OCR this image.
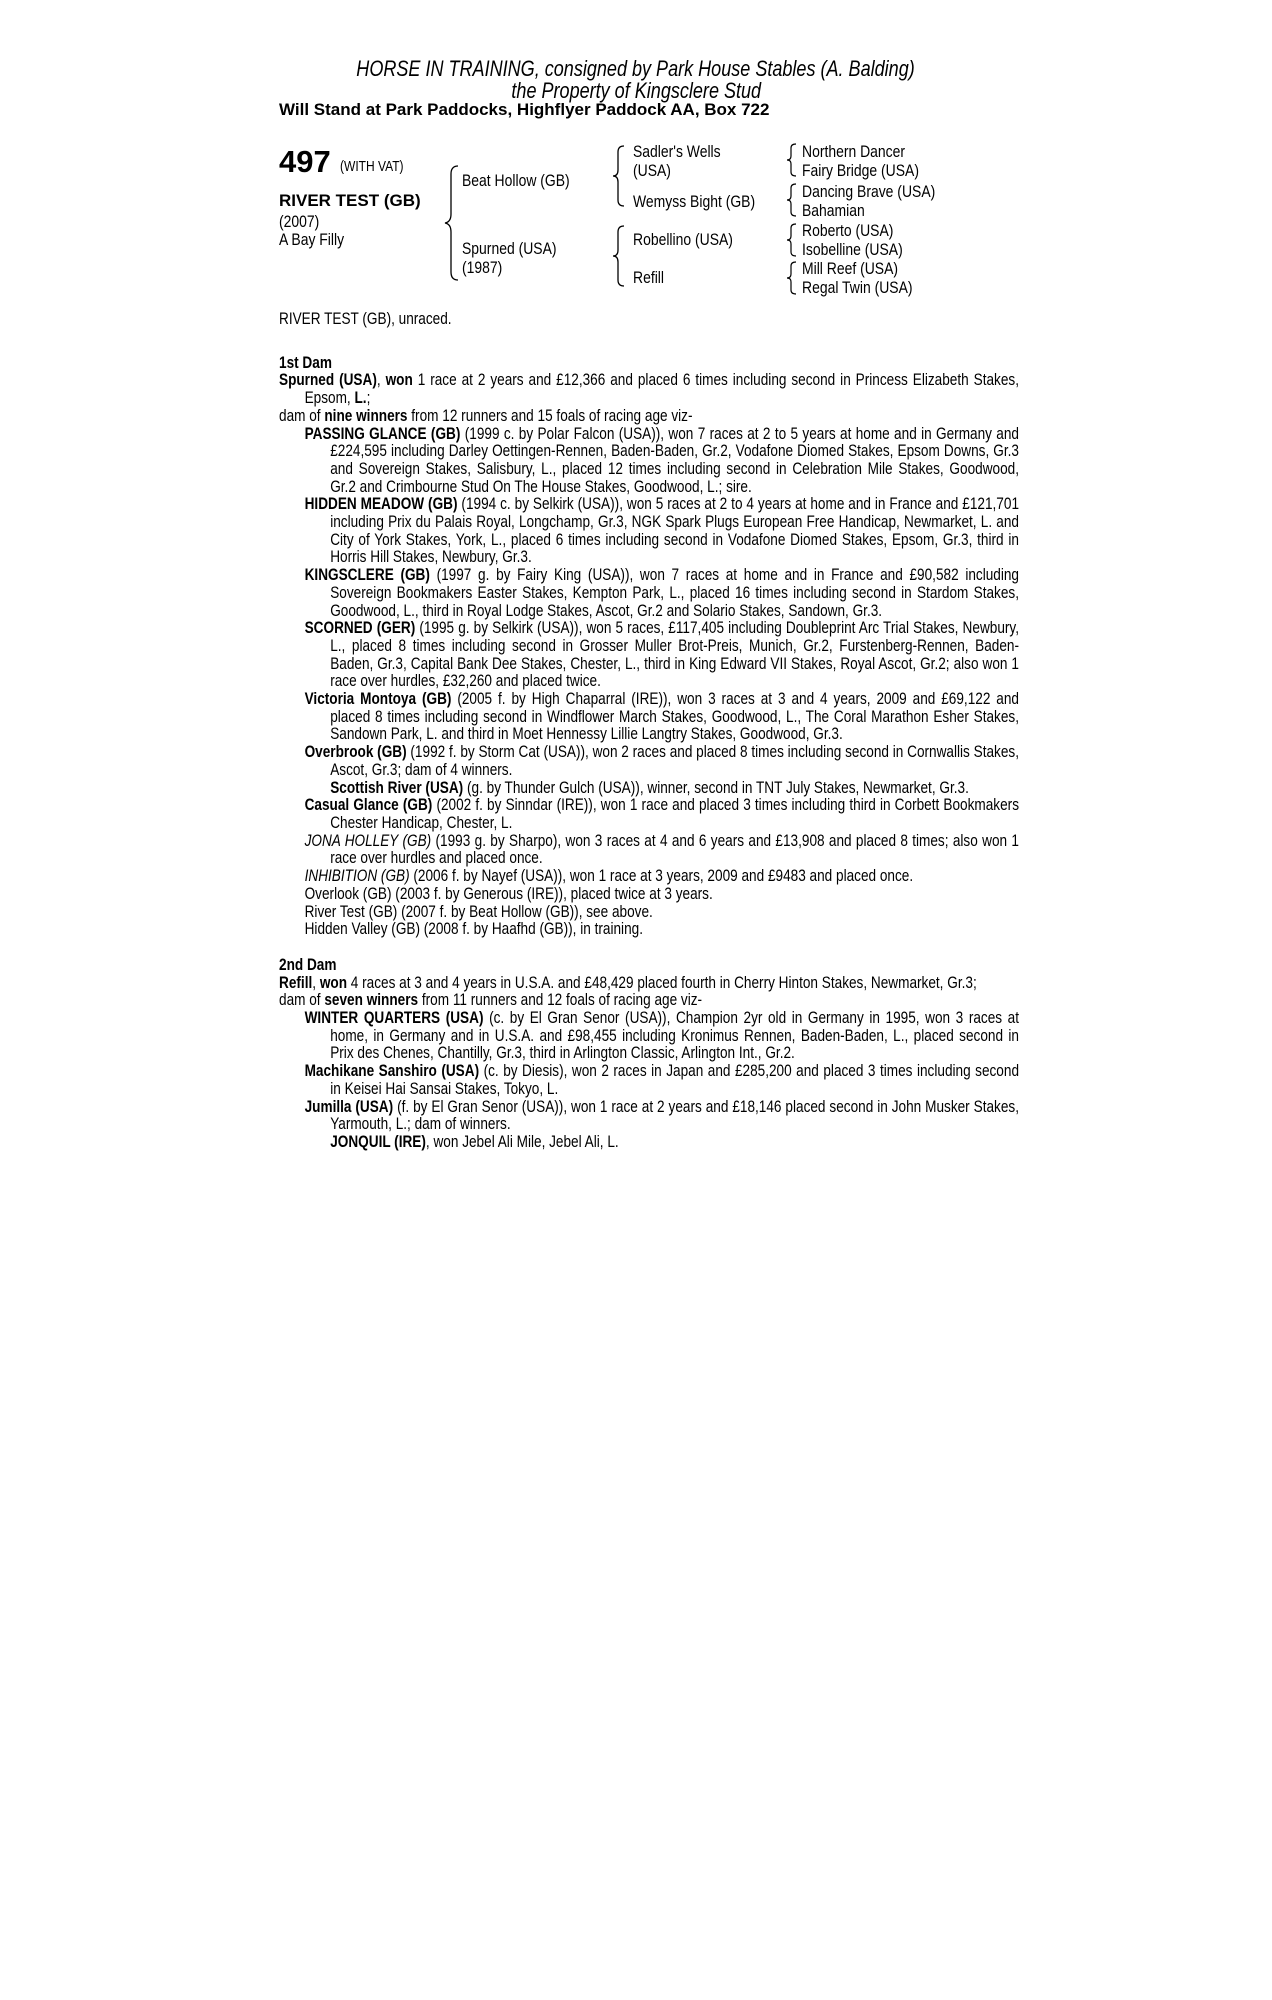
HORSE IN TRAINING, consigned by Park House Stables (A. Balding)
the Property of Kingsclere Stud
Will Stand at Park Paddocks, Highflyer Paddock AA, Box 722
497 (WITH VAT)
RIVER TEST (GB)
(2007)
A Bay Filly
Beat Hollow (GB)
Spurned (USA)
(1987)
Sadler's Wells
(USA)
Wemyss Bight (GB)
Robellino (USA)
Refill
Northern Dancer
Fairy Bridge (USA)
Dancing Brave (USA)
Bahamian
Roberto (USA)
Isobelline (USA)
Mill Reef (USA)
Regal Twin (USA)

RIVER TEST (GB), unraced.

1st Dam

Spurned (USA), won 1 race at 2 years and £12,366 and placed 6 times including second in Princess Elizabeth Stakes, Epsom, L.;

dam of nine winners from 12 runners and 15 foals of racing age viz-

PASSING GLANCE (GB) (1999 c. by Polar Falcon (USA)), won 7 races at 2 to 5 years at home and in Germany and £224,595 including Darley Oettingen-Rennen, Baden-Baden, Gr.2, Vodafone Diomed Stakes, Epsom Downs, Gr.3 and Sovereign Stakes, Salisbury, L., placed 12 times including second in Celebration Mile Stakes, Goodwood, Gr.2 and Crimbourne Stud On The House Stakes, Goodwood, L.; sire.

HIDDEN MEADOW (GB) (1994 c. by Selkirk (USA)), won 5 races at 2 to 4 years at home and in France and £121,701 including Prix du Palais Royal, Longchamp, Gr.3, NGK Spark Plugs European Free Handicap, Newmarket, L. and City of York Stakes, York, L., placed 6 times including second in Vodafone Diomed Stakes, Epsom, Gr.3, third in Horris Hill Stakes, Newbury, Gr.3.

KINGSCLERE (GB) (1997 g. by Fairy King (USA)), won 7 races at home and in France and £90,582 including Sovereign Bookmakers Easter Stakes, Kempton Park, L., placed 16 times including second in Stardom Stakes, Goodwood, L., third in Royal Lodge Stakes, Ascot, Gr.2 and Solario Stakes, Sandown, Gr.3.

SCORNED (GER) (1995 g. by Selkirk (USA)), won 5 races, £117,405 including Doubleprint Arc Trial Stakes, Newbury, L., placed 8 times including second in Grosser Muller Brot-Preis, Munich, Gr.2, Furstenberg-Rennen, Baden-Baden, Gr.3, Capital Bank Dee Stakes, Chester, L., third in King Edward VII Stakes, Royal Ascot, Gr.2; also won 1 race over hurdles, £32,260 and placed twice.

Victoria Montoya (GB) (2005 f. by High Chaparral (IRE)), won 3 races at 3 and 4 years, 2009 and £69,122 and placed 8 times including second in Windflower March Stakes, Goodwood, L., The Coral Marathon Esher Stakes, Sandown Park, L. and third in Moet Hennessy Lillie Langtry Stakes, Goodwood, Gr.3.

Overbrook (GB) (1992 f. by Storm Cat (USA)), won 2 races and placed 8 times including second in Cornwallis Stakes, Ascot, Gr.3; dam of 4 winners.

Scottish River (USA) (g. by Thunder Gulch (USA)), winner, second in TNT July Stakes, Newmarket, Gr.3.

Casual Glance (GB) (2002 f. by Sinndar (IRE)), won 1 race and placed 3 times including third in Corbett Bookmakers Chester Handicap, Chester, L.

JONA HOLLEY (GB) (1993 g. by Sharpo), won 3 races at 4 and 6 years and £13,908 and placed 8 times; also won 1 race over hurdles and placed once.

INHIBITION (GB) (2006 f. by Nayef (USA)), won 1 race at 3 years, 2009 and £9483 and placed once.

Overlook (GB) (2003 f. by Generous (IRE)), placed twice at 3 years.

River Test (GB) (2007 f. by Beat Hollow (GB)), see above.

Hidden Valley (GB) (2008 f. by Haafhd (GB)), in training.

2nd Dam

Refill, won 4 races at 3 and 4 years in U.S.A. and £48,429 placed fourth in Cherry Hinton Stakes, Newmarket, Gr.3;

dam of seven winners from 11 runners and 12 foals of racing age viz-

WINTER QUARTERS (USA) (c. by El Gran Senor (USA)), Champion 2yr old in Germany in 1995, won 3 races at home, in Germany and in U.S.A. and £98,455 including Kronimus Rennen, Baden-Baden, L., placed second in Prix des Chenes, Chantilly, Gr.3, third in Arlington Classic, Arlington Int., Gr.2.

Machikane Sanshiro (USA) (c. by Diesis), won 2 races in Japan and £285,200 and placed 3 times including second in Keisei Hai Sansai Stakes, Tokyo, L.

Jumilla (USA) (f. by El Gran Senor (USA)), won 1 race at 2 years and £18,146 placed second in John Musker Stakes, Yarmouth, L.; dam of winners.

JONQUIL (IRE), won Jebel Ali Mile, Jebel Ali, L.
